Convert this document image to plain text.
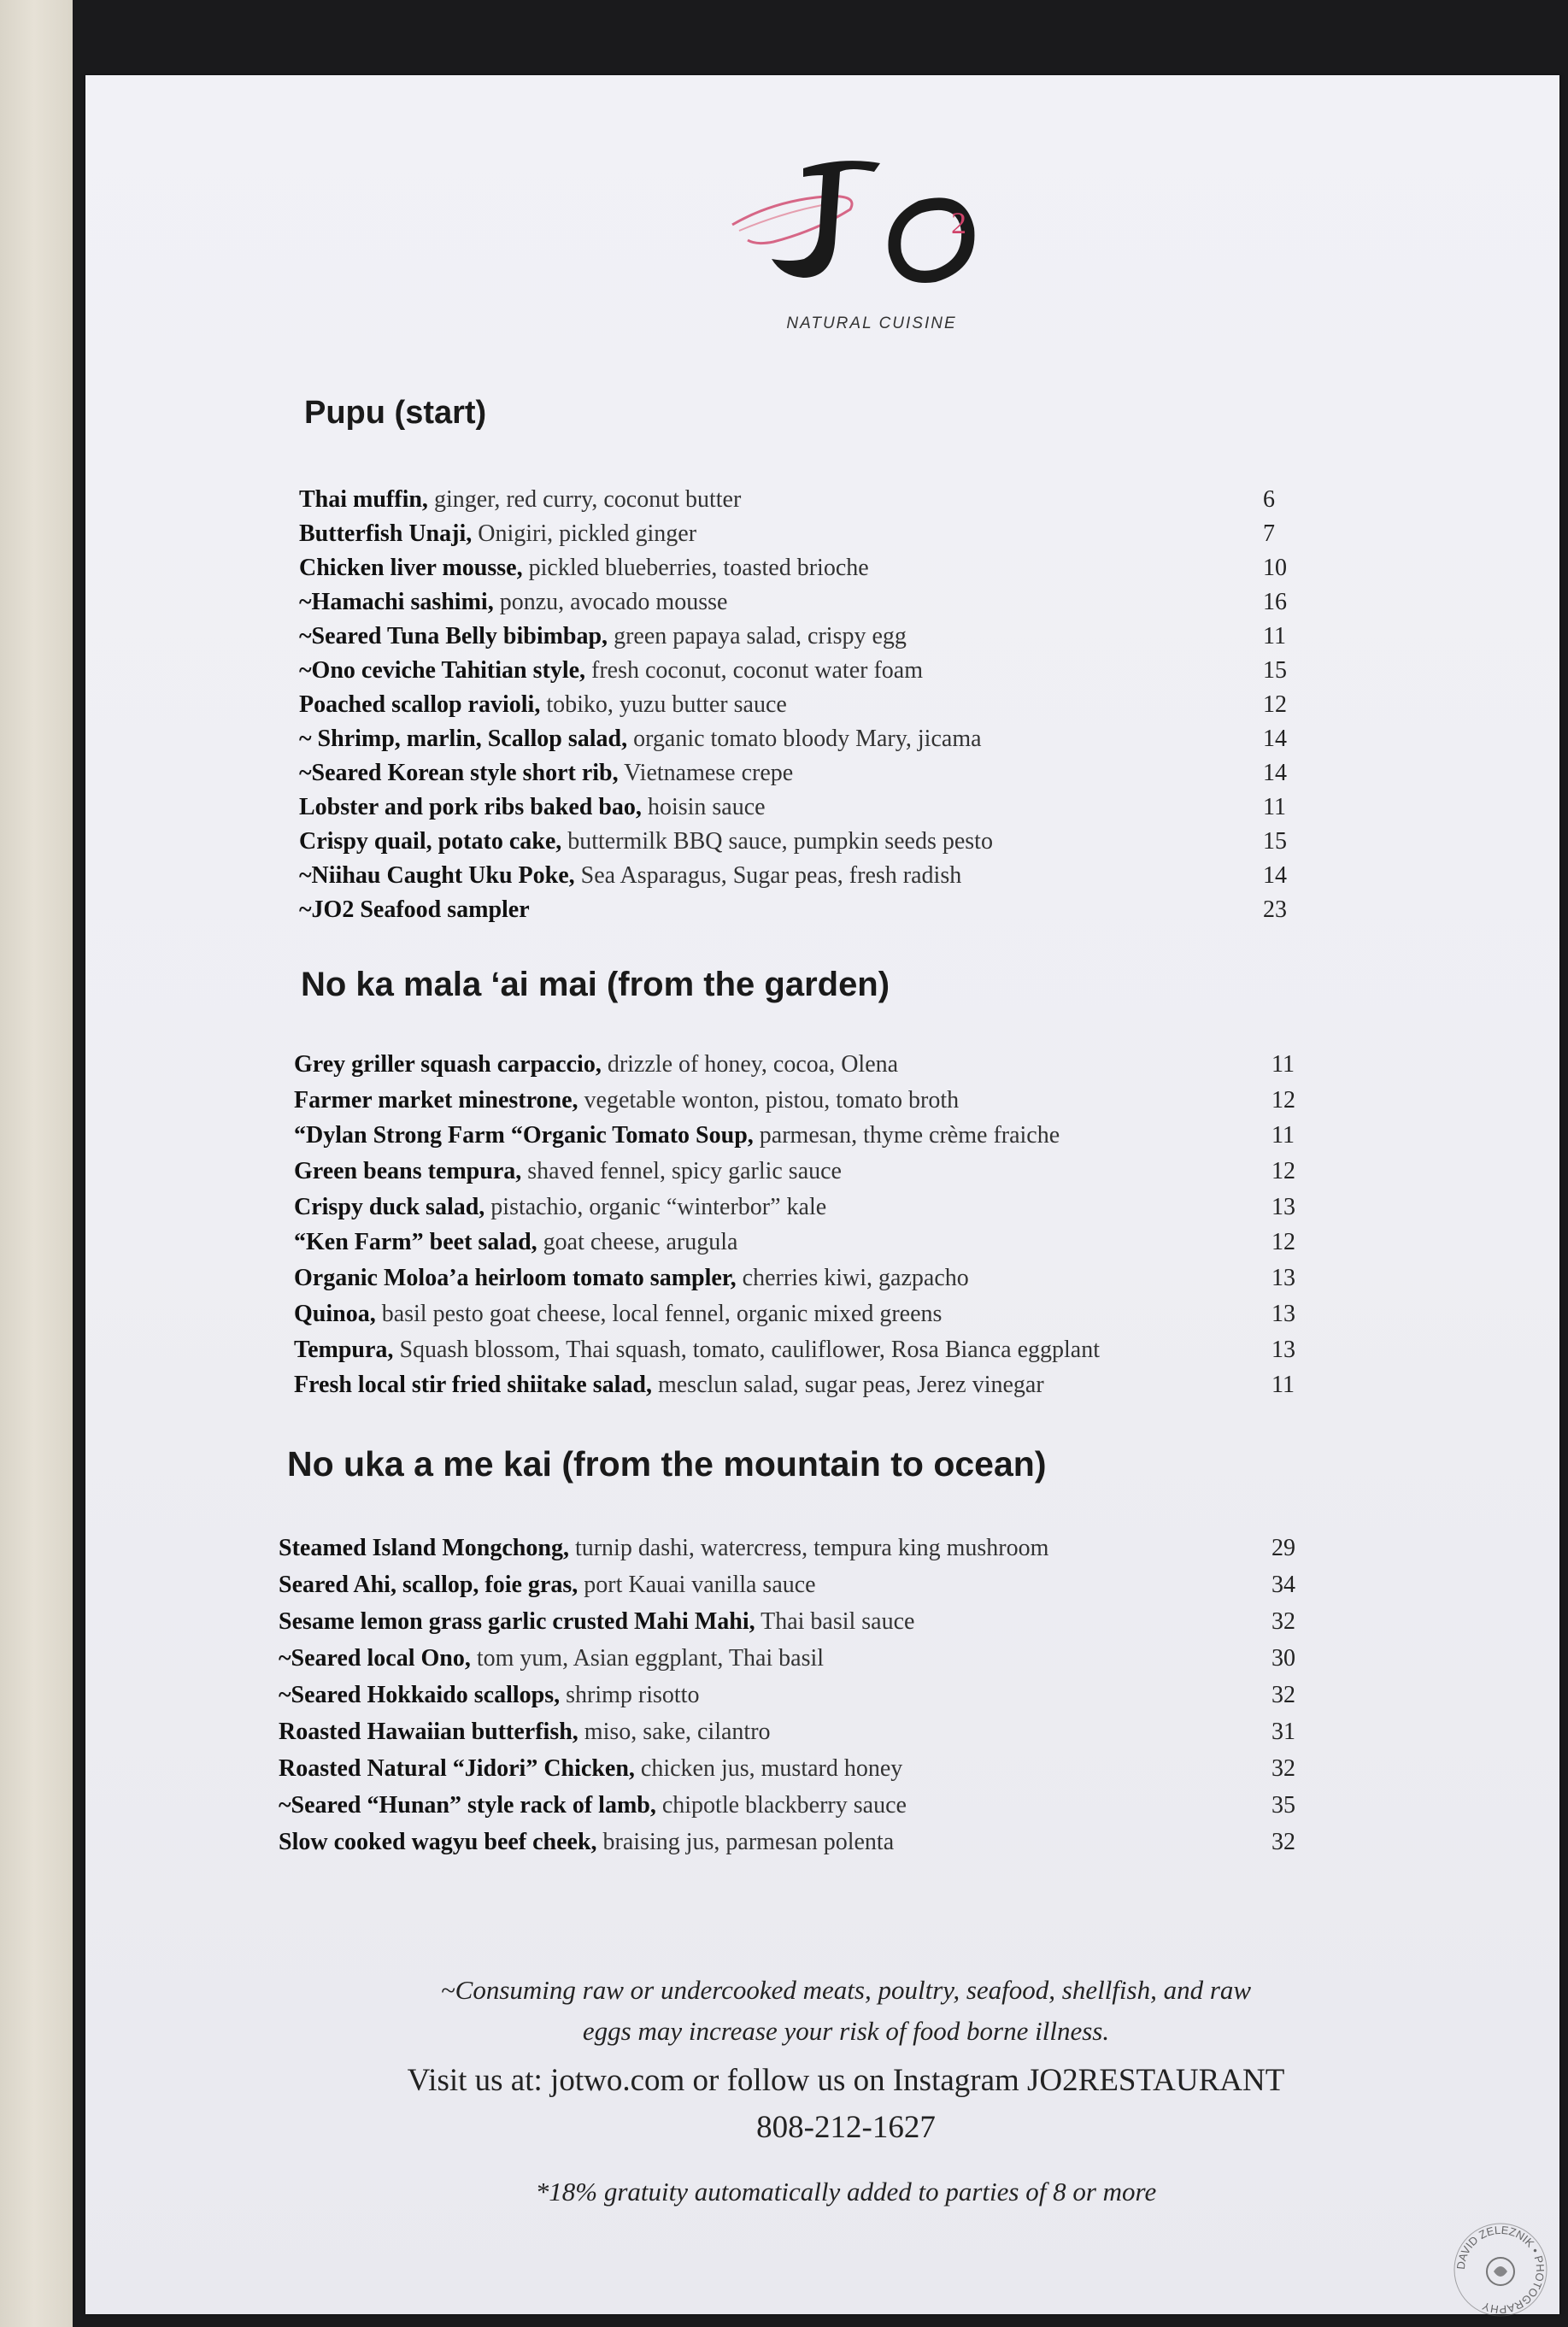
2
NATURAL CUISINE
Pupu (start)
Thai muffin, ginger, red curry, coconut butter	6
Butterfish Unaji, Onigiri, pickled ginger	7
Chicken liver mousse, pickled blueberries, toasted brioche	10
~Hamachi sashimi, ponzu, avocado mousse	16
~Seared Tuna Belly bibimbap, green papaya salad, crispy egg	11
~Ono ceviche Tahitian style, fresh coconut, coconut water foam	15
Poached scallop ravioli, tobiko, yuzu butter sauce	12
~ Shrimp, marlin, Scallop salad, organic tomato bloody Mary, jicama	14
~Seared Korean style short rib, Vietnamese crepe	14
Lobster and pork ribs baked bao, hoisin sauce	11
Crispy quail, potato cake, buttermilk BBQ sauce, pumpkin seeds pesto	15
~Niihau Caught Uku Poke, Sea Asparagus, Sugar peas, fresh radish	14
~JO2 Seafood sampler	23
No ka mala ‘ai mai (from the garden)
Grey griller squash carpaccio, drizzle of honey, cocoa, Olena	11
Farmer market minestrone, vegetable wonton, pistou, tomato broth	12
“Dylan Strong Farm “Organic Tomato Soup, parmesan, thyme crème fraiche	11
Green beans tempura, shaved fennel, spicy garlic sauce	12
Crispy duck salad, pistachio, organic “winterbor” kale	13
“Ken Farm” beet salad, goat cheese, arugula	12
Organic Moloa’a heirloom tomato sampler, cherries kiwi, gazpacho	13
Quinoa, basil pesto goat cheese, local fennel, organic mixed greens	13
Tempura, Squash blossom, Thai squash, tomato, cauliflower, Rosa Bianca eggplant	13
Fresh local stir fried shiitake salad, mesclun salad, sugar peas, Jerez vinegar	11
No uka a me kai (from the mountain to ocean)
Steamed Island Mongchong, turnip dashi, watercress, tempura king mushroom	29
Seared Ahi, scallop, foie gras, port Kauai vanilla sauce	34
Sesame lemon grass garlic crusted Mahi Mahi, Thai basil sauce	32
~Seared local Ono, tom yum, Asian eggplant, Thai basil	30
~Seared Hokkaido scallops, shrimp risotto	32
Roasted Hawaiian butterfish, miso, sake, cilantro	31
Roasted Natural “Jidori” Chicken, chicken jus, mustard honey	32
~Seared “Hunan” style rack of lamb, chipotle blackberry sauce	35
Slow cooked wagyu beef cheek, braising jus, parmesan polenta	32
~Consuming raw or undercooked meats, poultry, seafood, shellfish, and raw eggs may increase your risk of food borne illness.
Visit us at: jotwo.com or follow us on Instagram JO2RESTAURANT
808-212-1627
*18% gratuity automatically added to parties of 8 or more
DAVID ZELEZNIK • PHOTOGRAPHY
